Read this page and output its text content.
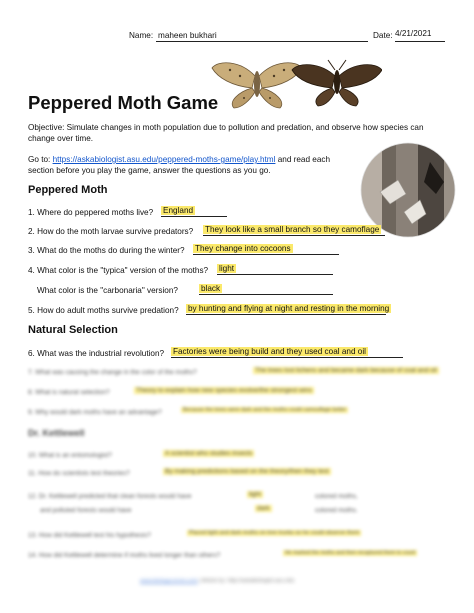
Name: maheen bukhari	Date: 4/21/2021
Peppered Moth Game
Objective: Simulate changes in moth population due to pollution and predation, and observe how species can change over time.
Go to: https://askabiologist.asu.edu/peppered-moths-game/play.html and read each
section before you play the game, answer the questions as you go.
Peppered Moth
1. Where do peppered moths live? England
2. How do the moth larvae survive predators? They look like a small branch so they camoflage
3. What do the moths do during the winter? They change into cocoons
4. What color is the "typica" version of the moths? light
What color is the "carbonaria" version?	black
5. How do adult moths survive predation? by hunting and flying at night and resting in the morning
Natural Selection
6. What was the industrial revolution? Factories were being build and they used coal and oil
7. What was causing the change in the color of the moths?	The trees lost lichens and became dark because of coal and oil
8. What is natural selection?	Theory to explain how new species evolve/the strongest wins
9. Why would dark moths have an advantage?	Because the trees were dark and the moths could camouflage better
Dr. Kettlewell
10. What is an entomologist?	A scientist who studies insects
11. How do scientists test theories?	By making predictions based on the theory/then they test
12. Dr. Kettlewell predicted that clean forests would have	light	colored moths,
and polluted forests would have	dark	colored moths.
13. How did Kettlewell test his hypothesis?	Placed light and dark moths on tree trunks so he could observe them
14. How did Kettlewell determine if moths lived longer than others?	He marked the moths and then recaptured them to count
www.biologycorner.com | Article by: http://askabiologist.asu.edu
